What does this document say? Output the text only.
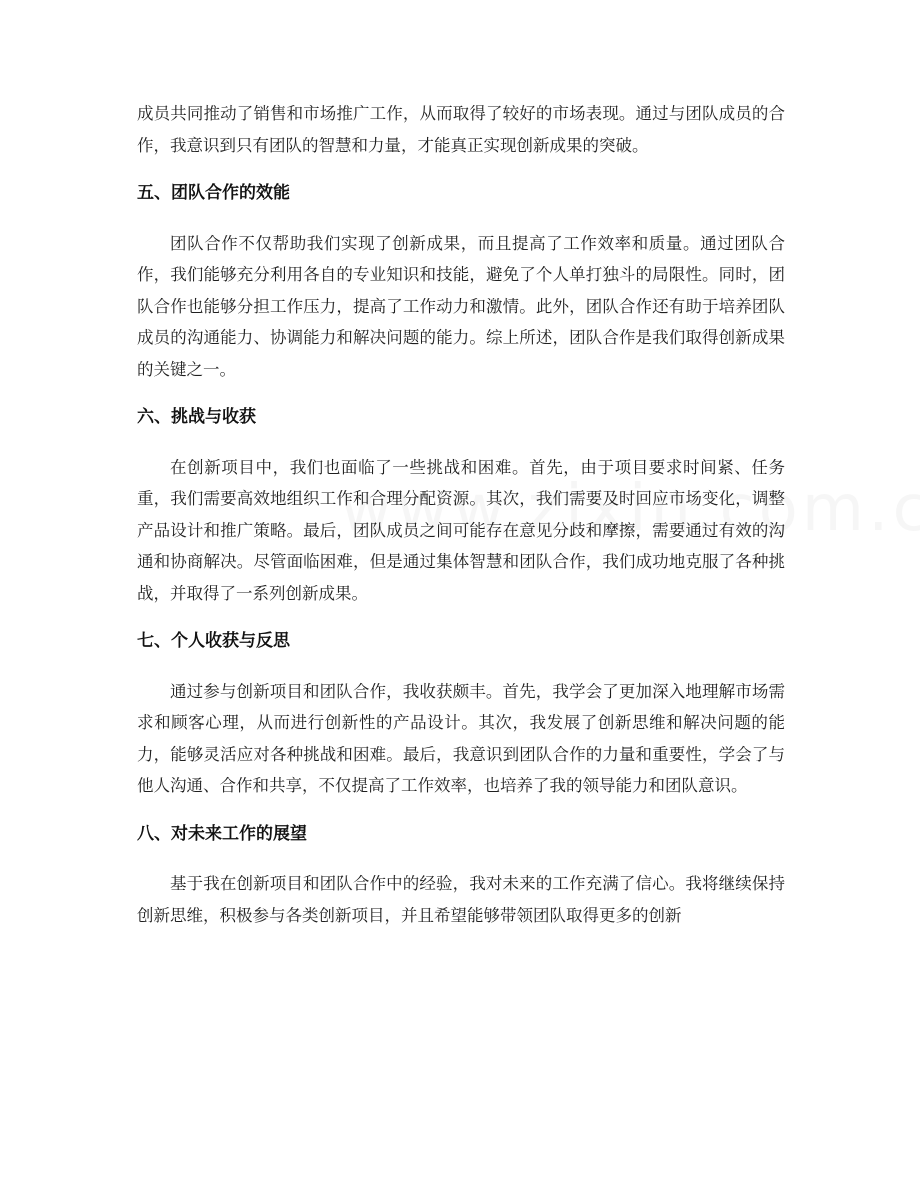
成员共同推动了销售和市场推广工作，从而取得了较好的市场表现。通过与团队成员的合作，我意识到只有团队的智慧和力量，才能真正实现创新成果的突破。

五、团队合作的效能

团队合作不仅帮助我们实现了创新成果，而且提高了工作效率和质量。通过团队合作，我们能够充分利用各自的专业知识和技能，避免了个人单打独斗的局限性。同时，团队合作也能够分担工作压力，提高了工作动力和激情。此外，团队合作还有助于培养团队成员的沟通能力、协调能力和解决问题的能力。综上所述，团队合作是我们取得创新成果的关键之一。

六、挑战与收获

在创新项目中，我们也面临了一些挑战和困难。首先，由于项目要求时间紧、任务重，我们需要高效地组织工作和合理分配资源。其次，我们需要及时回应市场变化，调整产品设计和推广策略。最后，团队成员之间可能存在意见分歧和摩擦，需要通过有效的沟通和协商解决。尽管面临困难，但是通过集体智慧和团队合作，我们成功地克服了各种挑战，并取得了一系列创新成果。

七、个人收获与反思

通过参与创新项目和团队合作，我收获颇丰。首先，我学会了更加深入地理解市场需求和顾客心理，从而进行创新性的产品设计。其次，我发展了创新思维和解决问题的能力，能够灵活应对各种挑战和困难。最后，我意识到团队合作的力量和重要性，学会了与他人沟通、合作和共享，不仅提高了工作效率，也培养了我的领导能力和团队意识。

八、对未来工作的展望

基于我在创新项目和团队合作中的经验，我对未来的工作充满了信心。我将继续保持创新思维，积极参与各类创新项目，并且希望能够带领团队取得更多的创新
